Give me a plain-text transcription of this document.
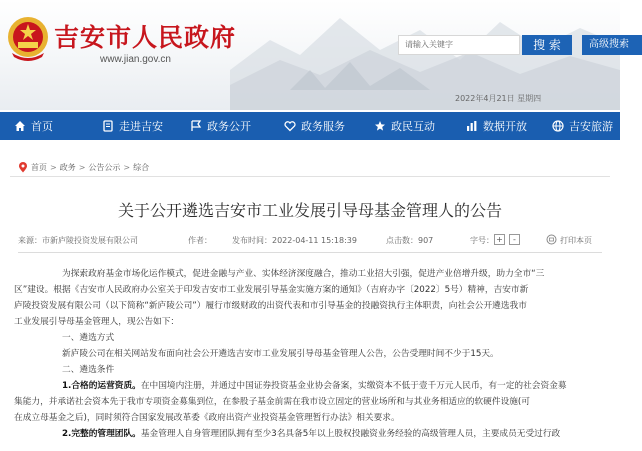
吉安市人民政府
www.jian.gov.cn
请输入关键字	搜 索	高级搜索
2022年4月21日 星期四
首页	走进吉安	政务公开	政务服务	政民互动	数据开放	吉安旅游
首页 > 政务 > 公告公示 > 综合
关于公开遴选吉安市工业发展引导母基金管理人的公告
来源：市新庐陵投资发展有限公司	作者：	发布时间：2022-04-11 15:18:39	点击数：907	字号： +	-	打印本页

为探索政府基金市场化运作模式，促进金融与产业、实体经济深度融合，推动工业招大引强，促进产业倍增升级，助力全市“三

区”建设。根据《吉安市人民政府办公室关于印发吉安市工业发展引导基金实施方案的通知》（吉府办字〔2022〕5号）精神，吉安市新

庐陵投资发展有限公司（以下简称“新庐陵公司”）履行市级财政的出资代表和市引导基金的投融资执行主体职责，向社会公开遴选我市

工业发展引导母基金管理人，现公告如下：

一、遴选方式

新庐陵公司在相关网站发布面向社会公开遴选吉安市工业发展引导母基金管理人公告，公告受理时间不少于15天。

二、遴选条件

1.合格的运营资质。在中国境内注册，并通过中国证券投资基金业协会备案，实缴资本不低于壹千万元人民币，有一定的社会资金募

集能力，并承诺社会资本先于我市专项资金募集到位，在参股子基金前需在我市设立固定的营业场所和与其业务相适应的软硬件设施(可

在成立母基金之后)，同时须符合国家发展改革委《政府出资产业投资基金管理暂行办法》相关要求。

2.完整的管理团队。基金管理人自身管理团队拥有至少3名具备5年以上股权投融资业务经验的高级管理人员，主要成员无受过行政
